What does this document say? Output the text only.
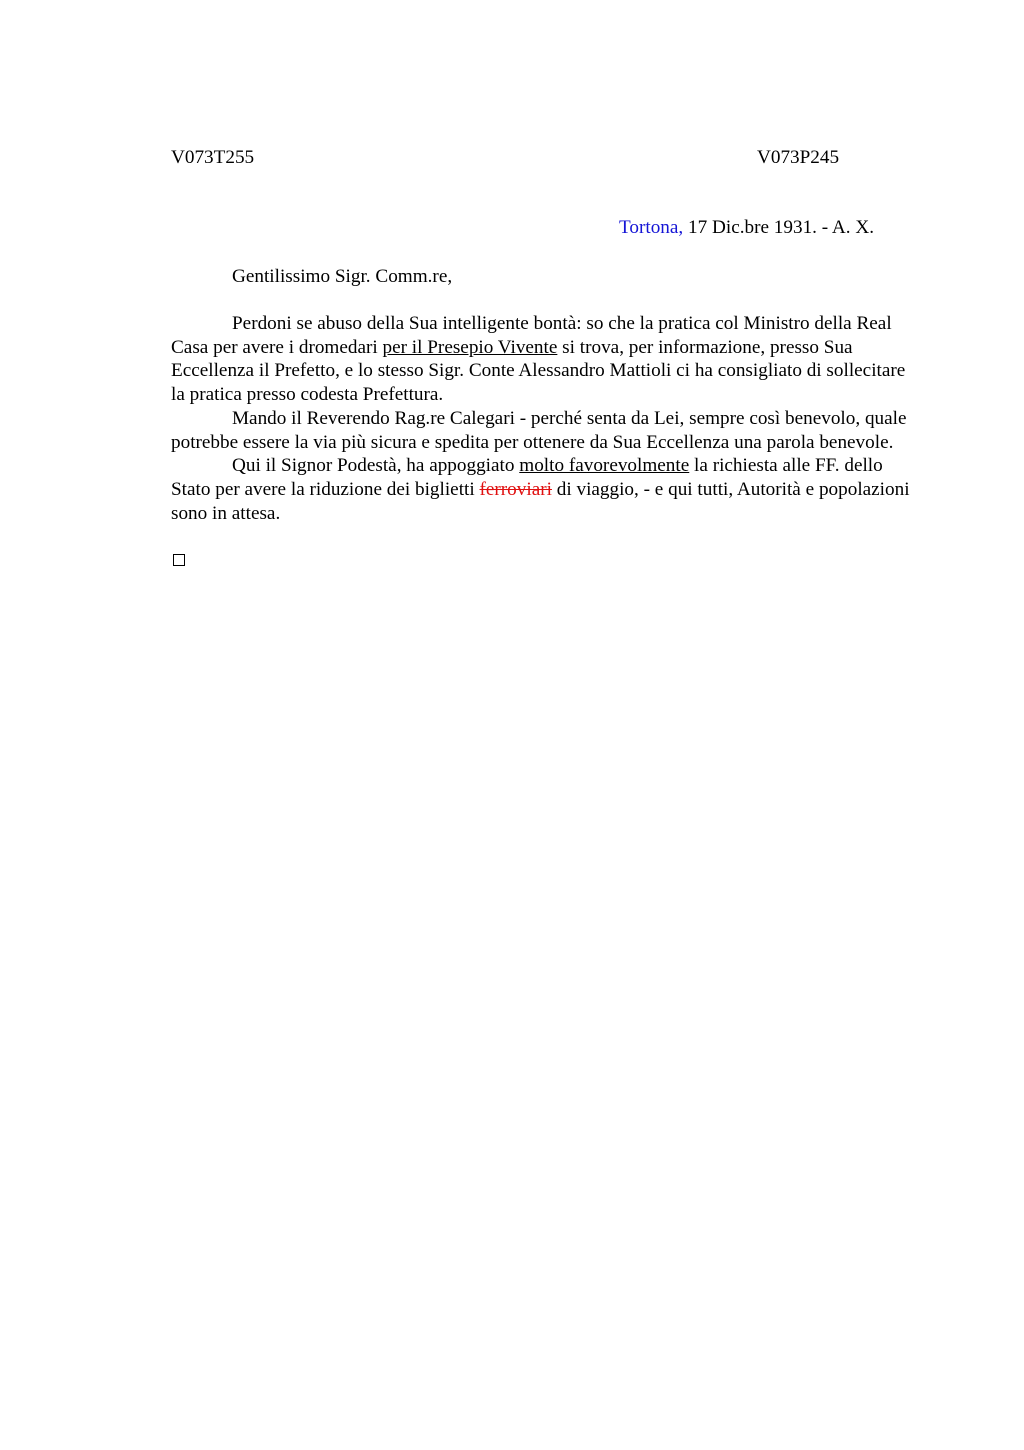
V073T255	V073P245
Tortona, 17 Dic.bre 1931. - A. X.
Gentilissimo Sigr. Comm.re,

Perdoni se abuso della Sua intelligente bontà: so che la pratica col Ministro della Real Casa per avere i dromedari per il Presepio Vivente si trova, per informazione, presso Sua Eccellenza il Prefetto, e lo stesso Sigr. Conte Alessandro Mattioli ci ha consigliato di sollecitare la pratica presso codesta Prefettura.

Mando il Reverendo Rag.re Calegari - perché senta da Lei, sempre così benevolo, quale potrebbe essere la via più sicura e spedita per ottenere da Sua Eccellenza una parola benevole.

Qui il Signor Podestà, ha appoggiato molto favorevolmente la richiesta alle FF. dello Stato per avere la riduzione dei biglietti ferroviari di viaggio, - e qui tutti, Autorità e popolazioni sono in attesa.
